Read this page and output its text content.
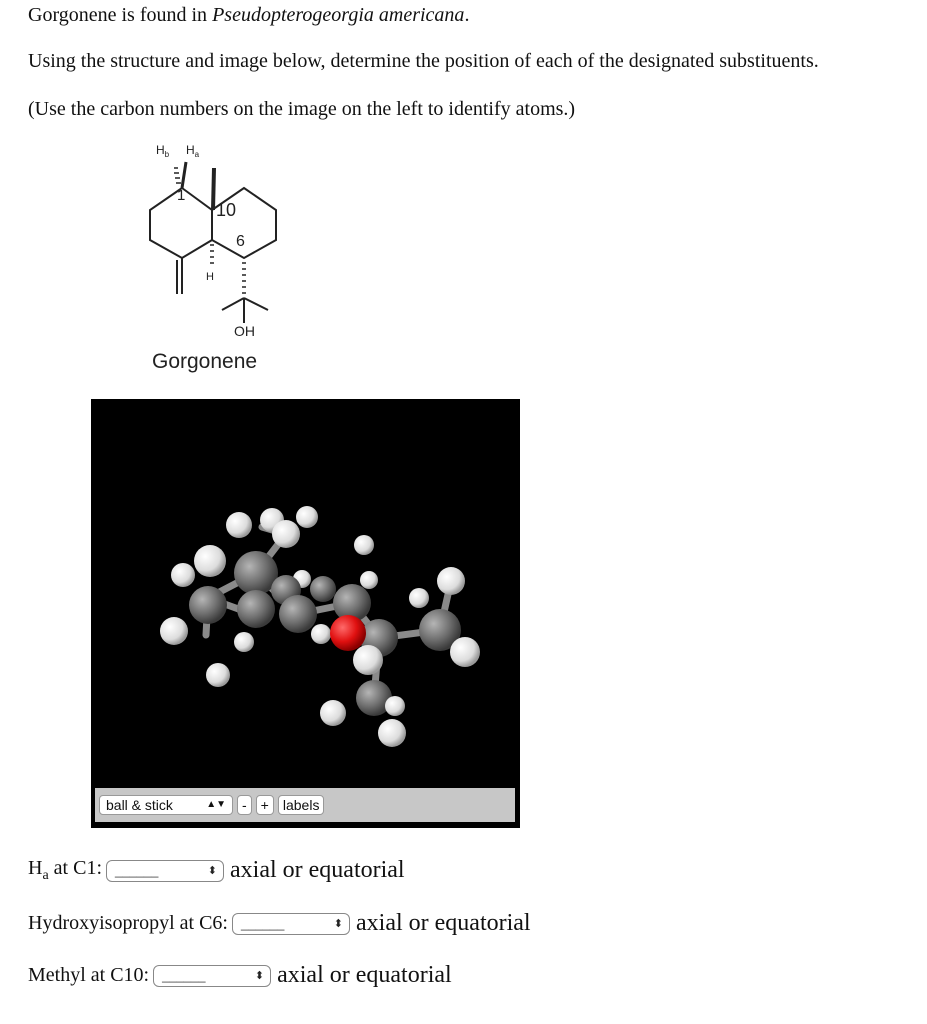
Gorgonene is found in Pseudopterogeorgia americana.
Using the structure and image below, determine the position of each of the designated substituents.
(Use the carbon numbers on the image on the left to identify atoms.)
$H_b$ $H_a$
1
10
6
H
OH
Gorgonene
ball & stick	▲▼	-	+	labels
$H_a$ at C1:	______	⬍ axial or equatorial
Hydroxyisopropyl at C6:	______	⬍ axial or equatorial
Methyl at C10:	______	⬍ axial or equatorial
